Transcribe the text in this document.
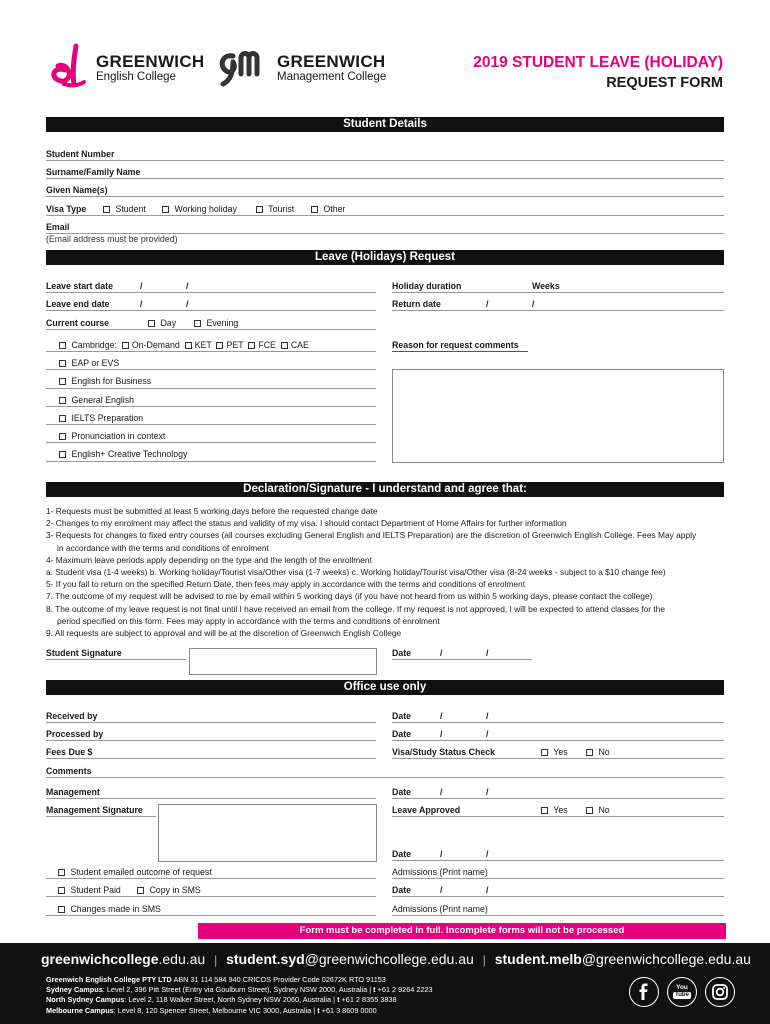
GREENWICH
English College
GREENWICH
Management College
2019 STUDENT LEAVE (HOLIDAY)
REQUEST FORM
Student Details
Student Number
Surname/Family Name
Given Name(s)
Visa Type	Student	Working holiday	Tourist	Other
Email
(Email address must be provided)
Leave (Holidays) Request
Leave start date	/	/	Holiday duration	Weeks
Leave end date	/	/	Return date	/	/
Current course	Day	Evening
Cambridge: On-Demand KET PET FCE CAE
EAP or EVS
English for Business
General English
IELTS Preparation
Pronunciation in context
English+ Creative Technology
Reason for request comments
Declaration/Signature - I understand and agree that:
1- Requests must be submitted at least 5 working days before the requested change date
2- Changes to my enrolment may affect the status and validity of my visa. I should contact Department of Home Affairs for further information
3- Requests for changes to fixed entry courses (all courses excluding General English and IELTS Preparation) are the discretion of Greenwich English College. Fees May apply
in accordance with the terms and conditions of enrolment
4- Maximum leave periods apply depending on the type and the length of the enrollment
a. Student visa (1-4 weeks) b. Working holiday/Tourist visa/Other visa (1-7 weeks) c. Working holiday/Tourist visa/Other visa (8-24 weeks - subject to a $10 change fee)
5- If you fail to return on the specified Return Date, then fees may apply in accordance with the terms and conditions of enrolment
7. The outcome of my request will be advised to me by email within 5 working days (if you have not heard from us within 5 working days, please contact the college)
8. The outcome of my leave request is not final until I have received an email from the college. If my request is not approved, I will be expected to attend classes for the
period specified on this form. Fees may apply in accordance with the terms and conditions of enrolment
9. All requests are subject to approval and will be at the discretion of Greenwich English College
Student Signature	Date	/	/
Office use only
Received by	Date	/	/
Processed by	Date	/	/
Fees Due $	Visa/Study Status Check	Yes	No
Comments
Management	Date	/	/
Management Signature	Leave Approved	Yes	No
Date	/	/
Student emailed outcome of request	Admissions (Print name)
Student Paid	Copy in SMS	Date	/	/
Changes made in SMS	Admissions (Print name)
Form must be completed in full. Incomplete forms will not be processed
greenwichcollege.edu.au | student.syd@greenwichcollege.edu.au | student.melb@greenwichcollege.edu.au
Greenwich English College PTY LTD ABN 31 114 584 940 CRICOS Provider Code 02672K RTO 91153
Sydney Campus: Level 2, 396 Pitt Street (Entry via Goulburn Street), Sydney NSW 2000, Australia | t +61 2 9264 2223
North Sydney Campus: Level 2, 118 Walker Street, North Sydney NSW 2060, Australia | t +61 2 8355 3838
Melbourne Campus: Level 8, 120 Spencer Street, Melbourne VIC 3000, Australia | t +61 3 8609 0000
You
Tube
